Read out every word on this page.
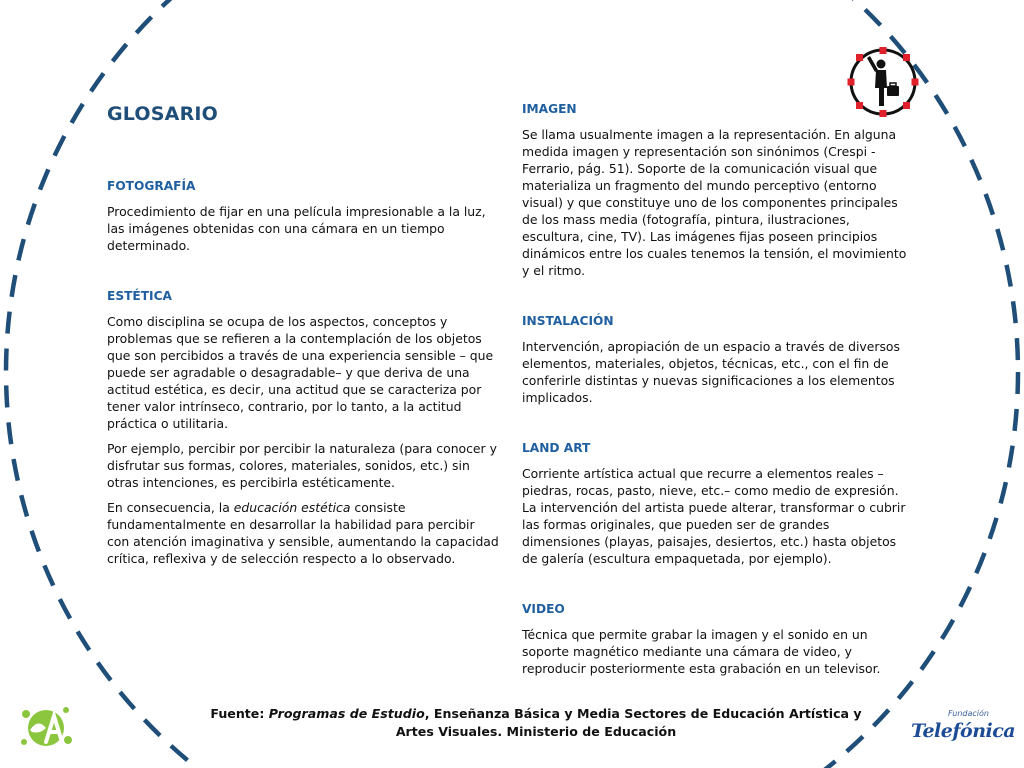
GLOSARIO
FOTOGRAFÍA

Procedimiento de fijar en una película impresionable a la luz, las imágenes obtenidas con una cámara en un tiempo determinado.

ESTÉTICA

Como disciplina se ocupa de los aspectos, conceptos y problemas que se refieren a la contemplación de los objetos que son percibidos a través de una experiencia sensible – que puede ser agradable o desagradable– y que deriva de una actitud estética, es decir, una actitud que se caracteriza por tener valor intrínseco, contrario, por lo tanto, a la actitud práctica o utilitaria.

Por ejemplo, percibir por percibir la naturaleza (para conocer y disfrutar sus formas, colores, materiales, sonidos, etc.) sin otras intenciones, es percibirla estéticamente.

En consecuencia, la educación estética consiste fundamentalmente en desarrollar la habilidad para percibir con atención imaginativa y sensible, aumentando la capacidad crítica, reflexiva y de selección respecto a lo observado.

IMAGEN

Se llama usualmente imagen a la representación. En alguna medida imagen y representación son sinónimos (Crespi - Ferrario, pág. 51). Soporte de la comunicación visual que materializa un fragmento del mundo perceptivo (entorno visual) y que constituye uno de los componentes principales de los mass media (fotografía, pintura, ilustraciones, escultura, cine, TV). Las imágenes fijas poseen principios dinámicos entre los cuales tenemos la tensión, el movimiento y el ritmo.

INSTALACIÓN

Intervención, apropiación de un espacio a través de diversos elementos, materiales, objetos, técnicas, etc., con el fin de conferirle distintas y nuevas significaciones a los elementos implicados.

LAND ART

Corriente artística actual que recurre a elementos reales – piedras, rocas, pasto, nieve, etc.– como medio de expresión. La intervención del artista puede alterar, transformar o cubrir las formas originales, que pueden ser de grandes dimensiones (playas, paisajes, desiertos, etc.) hasta objetos de galería (escultura empaquetada, por ejemplo).

VIDEO

Técnica que permite grabar la imagen y el sonido en un soporte magnético mediante una cámara de video, y reproducir posteriormente esta grabación en un televisor.

Fuente: Programas de Estudio, Enseñanza Básica y Media Sectores de Educación Artística y
Artes Visuales. Ministerio de Educación
Fundación
Telefónica
